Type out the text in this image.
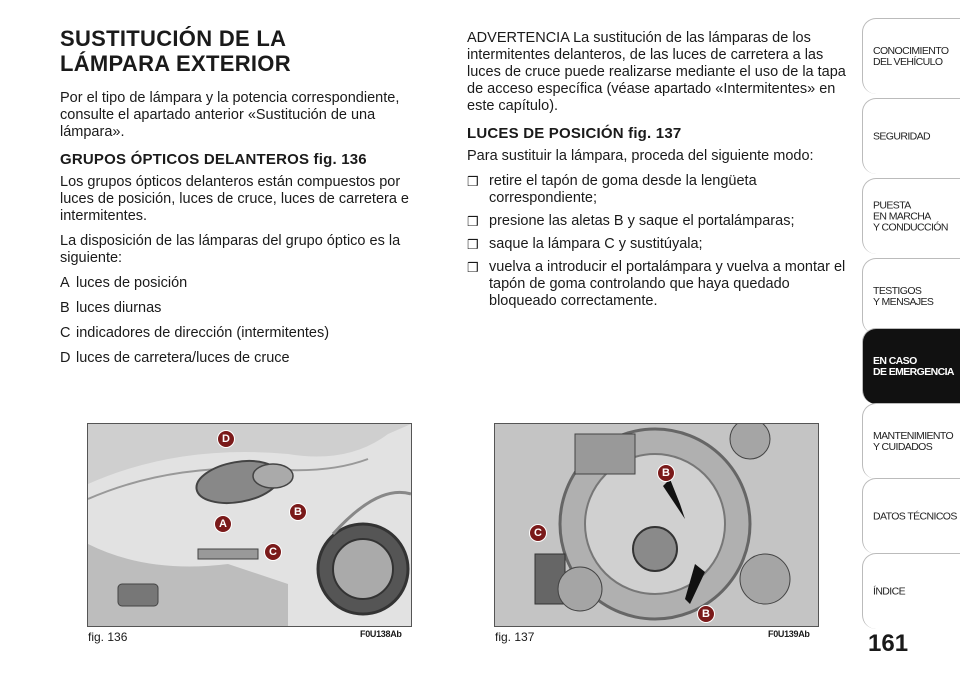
SUSTITUCIÓN DE LA
LÁMPARA EXTERIOR

Por el tipo de lámpara y la potencia correspondiente, consulte el apartado anterior «Sustitución de una lámpara».

GRUPOS ÓPTICOS DELANTEROS fig. 136

Los grupos ópticos delanteros están compuestos por luces de posición, luces de cruce, luces de carretera e intermitentes.

La disposición de las lámparas del grupo óptico es la siguiente:

A luces de posición
B luces diurnas
C indicadores de dirección (intermitentes)
D luces de carretera/luces de cruce

ADVERTENCIA La sustitución de las lámparas de los intermitentes delanteros, de las luces de carretera a las luces de cruce puede realizarse mediante el uso de la tapa de acceso específica (véase apartado «Intermitentes» en este capítulo).

LUCES DE POSICIÓN fig. 137

Para sustituir la lámpara, proceda del siguiente modo:

❒ retire el tapón de goma desde la lengüeta correspondiente;
❒ presione las aletas B y saque el portalámparas;
❒ saque la lámpara C y sustitúyala;
❒ vuelva a introducir el portalámpara y vuelva a montar el tapón de goma controlando que haya quedado bloqueado correctamente.
D
B
A
C
fig. 136	F0U138Ab
B
C
B
fig. 137	F0U139Ab
CONOCIMIENTO
DEL VEHÍCULO
SEGURIDAD
PUESTA
EN MARCHA
Y CONDUCCIÓN
TESTIGOS
Y MENSAJES
EN CASO
DE EMERGENCIA
MANTENIMIENTO
Y CUIDADOS
DATOS TÉCNICOS
ÍNDICE
161
